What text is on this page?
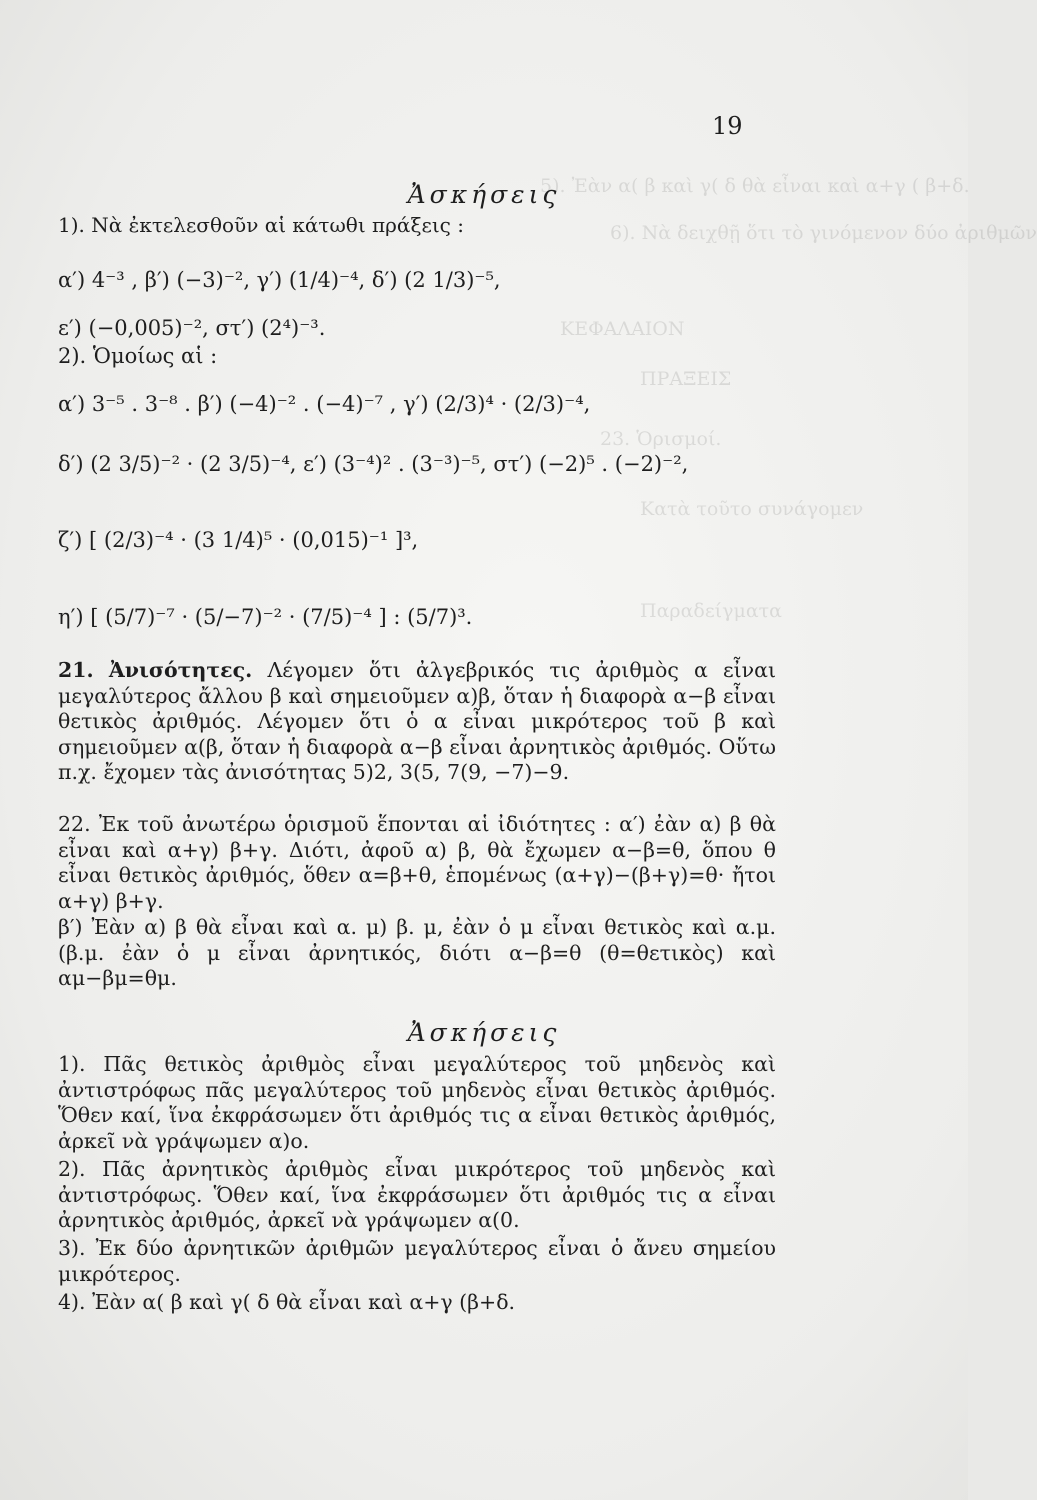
5). Ἐὰν α( β καὶ γ( δ θὰ εἶναι καὶ α+γ ( β+δ.
6). Νὰ δειχθῇ ὅτι τὸ γινόμενον δύο ἀριθμῶν
ΚΕΦΑΛΑΙΟΝ
ΠΡΑΞΕΙΣ
23. Ὁρισμοί.
Κατὰ τοῦτο συνάγομεν
Παραδείγματα
19
Ἀσκήσεις
1). Νὰ ἐκτελεσθοῦν αἱ κάτωθι πράξεις :
α′) 4⁻³ , β′) (−3)⁻², γ′) (1/4)⁻⁴, δ′) (2 1/3)⁻⁵,
ε′) (−0,005)⁻², στ′) (2⁴)⁻³.
2). Ὁμοίως αἱ :
α′) 3⁻⁵ . 3⁻⁸ . β′) (−4)⁻² . (−4)⁻⁷ , γ′) (2/3)⁴ · (2/3)⁻⁴,
δ′) (2 3/5)⁻² · (2 3/5)⁻⁴, ε′) (3⁻⁴)² . (3⁻³)⁻⁵, στ′) (−2)⁵ . (−2)⁻²,
ζ′) [ (2/3)⁻⁴ · (3 1/4)⁵ · (0,015)⁻¹ ]³,
η′) [ (5/7)⁻⁷ · (5/−7)⁻² · (7/5)⁻⁴ ] : (5/7)³.
21. Ἀνισότητες. Λέγομεν ὅτι ἀλγεβρικός τις ἀριθμὸς α εἶναι μεγαλύτερος ἄλλου β καὶ σημειοῦμεν α)β, ὅταν ἡ διαφορὰ α−β εἶναι θετικὸς ἀριθμός. Λέγομεν ὅτι ὁ α εἶναι μικρότερος τοῦ β καὶ σημειοῦμεν α(β, ὅταν ἡ διαφορὰ α−β εἶναι ἀρνητικὸς ἀριθμός. Οὕτω π.χ. ἔχομεν τὰς ἀνισότητας 5)2, 3(5, 7(9, −7)−9.
22. Ἐκ τοῦ ἀνωτέρω ὁρισμοῦ ἕπονται αἱ ἰδιότητες : α′) ἐὰν α) β θὰ εἶναι καὶ α+γ) β+γ. Διότι, ἀφοῦ α) β, θὰ ἔχωμεν α−β=θ, ὅπου θ εἶναι θετικὸς ἀριθμός, ὅθεν α=β+θ, ἑπομένως (α+γ)−(β+γ)=θ· ἤτοι α+γ) β+γ.
β′) Ἐὰν α) β θὰ εἶναι καὶ α. μ) β. μ, ἐὰν ὁ μ εἶναι θετικὸς καὶ α.μ. (β.μ. ἐὰν ὁ μ εἶναι ἀρνητικός, διότι α−β=θ (θ=θετικὸς) καὶ αμ−βμ=θμ.
Ἀσκήσεις
1). Πᾶς θετικὸς ἀριθμὸς εἶναι μεγαλύτερος τοῦ μηδενὸς καὶ ἀντιστρόφως πᾶς μεγαλύτερος τοῦ μηδενὸς εἶναι θετικὸς ἀριθμός. Ὅθεν καί, ἵνα ἐκφράσωμεν ὅτι ἀριθμός τις α εἶναι θετικὸς ἀριθμός, ἀρκεῖ νὰ γράψωμεν α)ο.
2). Πᾶς ἀρνητικὸς ἀριθμὸς εἶναι μικρότερος τοῦ μηδενὸς καὶ ἀντιστρόφως. Ὅθεν καί, ἵνα ἐκφράσωμεν ὅτι ἀριθμός τις α εἶναι ἀρνητικὸς ἀριθμός, ἀρκεῖ νὰ γράψωμεν α(0.
3). Ἐκ δύο ἀρνητικῶν ἀριθμῶν μεγαλύτερος εἶναι ὁ ἄνευ σημείου μικρότερος.
4). Ἐὰν α( β καὶ γ( δ θὰ εἶναι καὶ α+γ (β+δ.
